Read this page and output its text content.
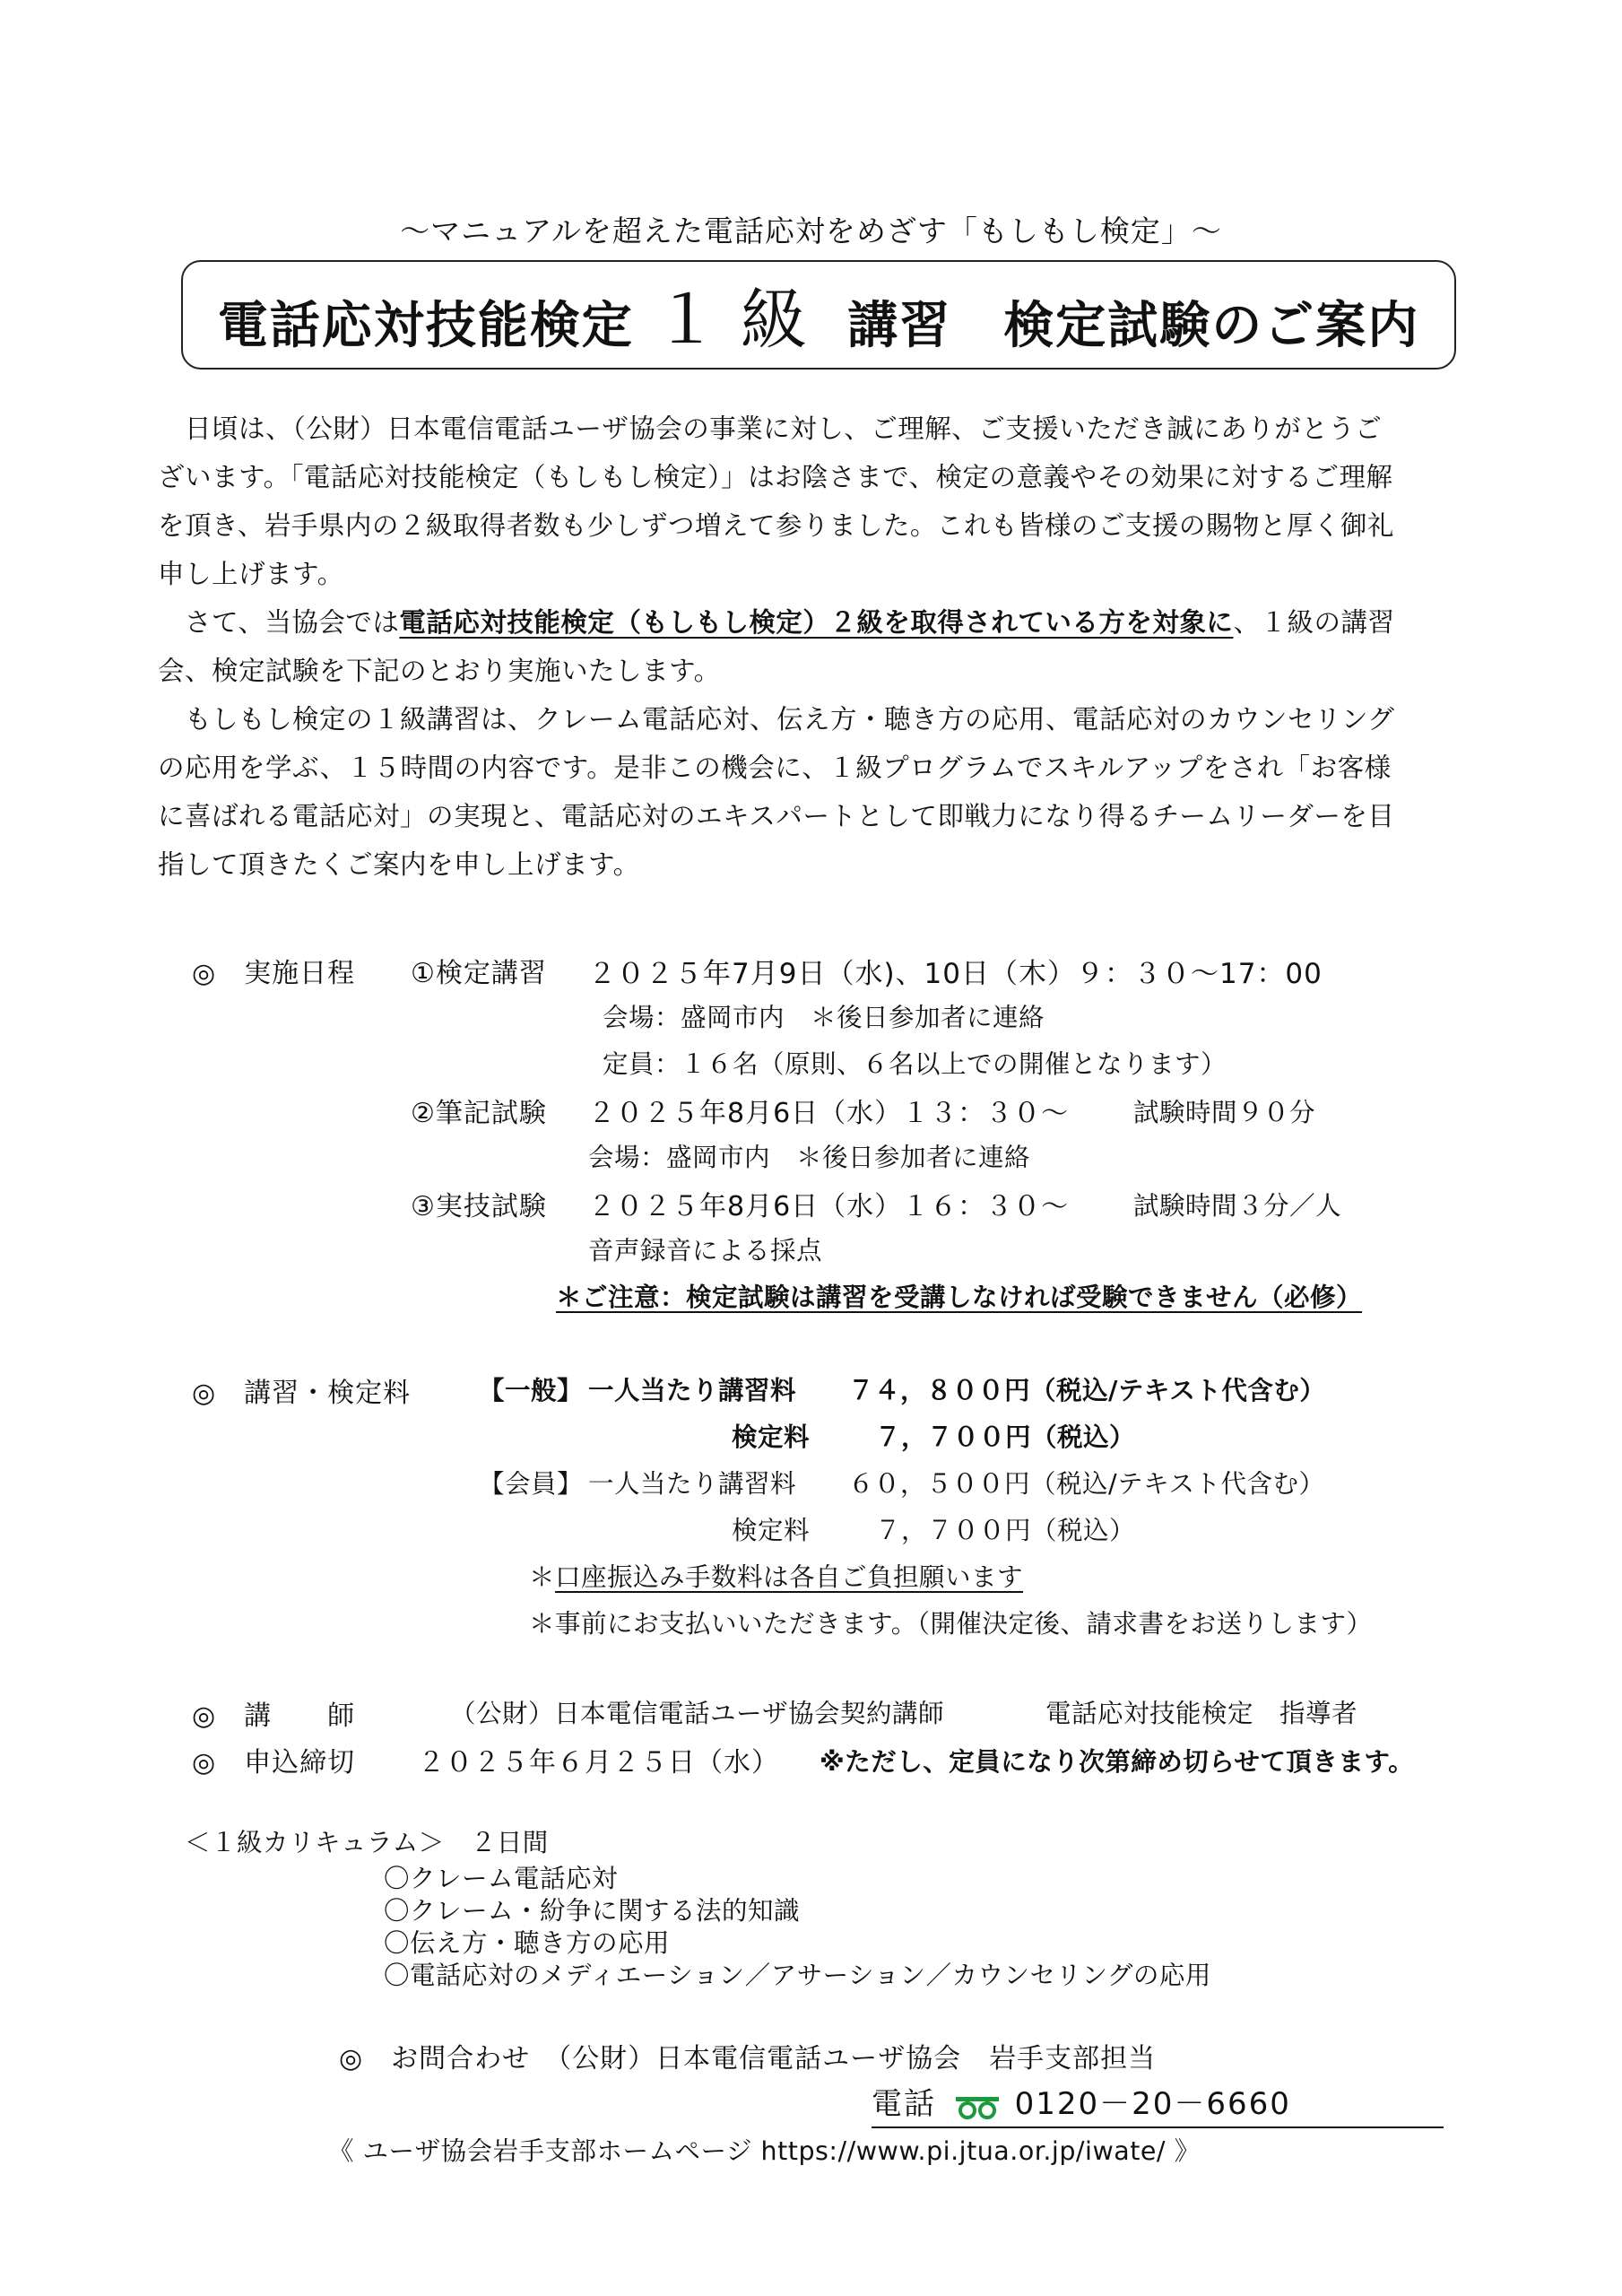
～マニュアルを超えた電話応対をめざす「もしもし検定」～
電話応対技能検定 １ 級 講習　検定試験のご案内
日頃は、（公財）日本電信電話ユーザ協会の事業に対し、ご理解、ご支援いただき誠にありがとうご
ざいます。「電話応対技能検定（もしもし検定）」はお陰さまで、検定の意義やその効果に対するご理解
を頂き、岩手県内の２級取得者数も少しずつ増えて参りました。これも皆様のご支援の賜物と厚く御礼
申し上げます。
さて、当協会では電話応対技能検定（もしもし検定）２級を取得されている方を対象に、１級の講習
会、検定試験を下記のとおり実施いたします。
もしもし検定の１級講習は、クレーム電話応対、伝え方・聴き方の応用、電話応対のカウンセリング
の応用を学ぶ、１５時間の内容です。是非この機会に、１級プログラムでスキルアップをされ「お客様
に喜ばれる電話応対」の実現と、電話応対のエキスパートとして即戦力になり得るチームリーダーを目
指して頂きたくご案内を申し上げます。
◎　実施日程 ①検定講習 ２０２５年7月9日（水)、10日（木）９：３０～17：00
会場：盛岡市内　＊後日参加者に連絡
定員：１６名（原則、６名以上での開催となります）
②筆記試験 ２０２５年8月6日（水）１３：３０～	試験時間９０分
会場：盛岡市内　＊後日参加者に連絡
③実技試験 ２０２５年8月6日（水）１６：３０～	試験時間３分／人
音声録音による採点
＊ご注意：検定試験は講習を受講しなければ受験できません（必修）
◎　講習・検定料	【一般】 一人当たり講習料 ７４，８００円（税込/テキスト代含む）
検定料	７，７００円（税込）
【会員】 一人当たり講習料 ６０，５００円（税込/テキスト代含む）
検定料	７，７００円（税込）
＊口座振込み手数料は各自ご負担願います
＊事前にお支払いいただきます。（開催決定後、請求書をお送りします）
◎　講　　師	（公財）日本電信電話ユーザ協会契約講師	電話応対技能検定　指導者
◎　申込締切 ２０２５年６月２５日（水） ※ただし、定員になり次第締め切らせて頂きます。
＜１級カリキュラム＞　２日間
〇クレーム電話応対
〇クレーム・紛争に関する法的知識
〇伝え方・聴き方の応用
〇電話応対のメディエーション／アサーション／カウンセリングの応用
◎　お問合わせ　（公財）日本電信電話ユーザ協会　岩手支部担当
電話	0120－20－6660
《 ユーザ協会岩手支部ホームページ https://www.pi.jtua.or.jp/iwate/ 》
